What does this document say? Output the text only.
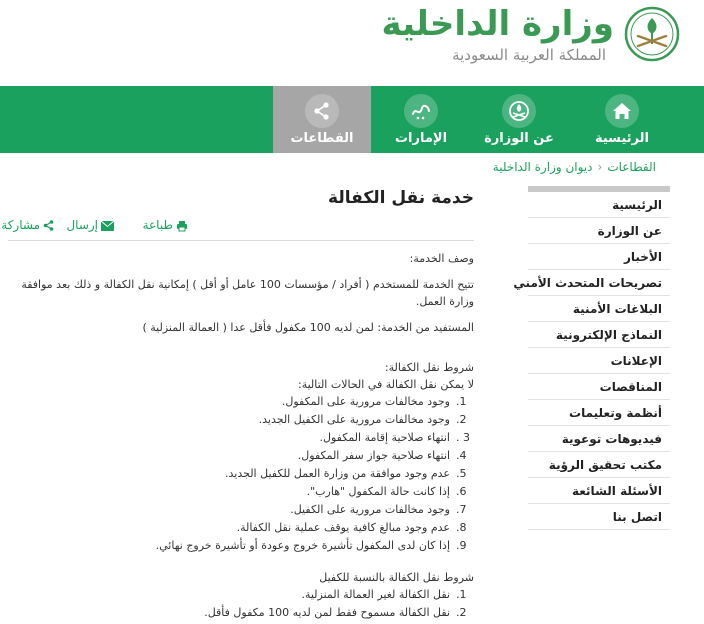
وزارة الداخلية
المملكة العربية السعودية
الرئيسية
عن الوزارة
الإمارات
القطاعات
القطاعات‹ديوان وزارة الداخلية
الرئيسية
عن الوزارة
الأخبار
تصريحات المتحدث الأمني
البلاغات الأمنية
النماذج الإلكترونية
الإعلانات
المناقصات
أنظمة وتعليمات
فيديوهات توعوية
مكتب تحقيق الرؤية
الأسئلة الشائعة
اتصل بنا
خدمة نقل الكفالة
طباعة
إرسال
مشاركة
وصف الخدمة:
تتيح الخدمة للمستخدم ( أفراد / مؤسسات 100 عامل أو أقل ) إمكانية نقل الكفالة و ذلك بعد موافقة وزارة العمل.
المستفيد من الخدمة: لمن لديه 100 مكفول فأقل عدا ( العمالة المنزلية )
شروط نقل الكفالة:
لا يمكن نقل الكفالة في الحالات التالية:
1.وجود مخالفات مرورية على المكفول.
2.وجود مخالفات مرورية على الكفيل الجديد.
3 .انتهاء صلاحية إقامة المكفول.
4.انتهاء صلاحية جواز سفر المكفول.
5.عدم وجود موافقة من وزارة العمل للكفيل الجديد.
6.إذا كانت حالة المكفول "هارب".
7.وجود مخالفات مرورية على الكفيل.
8.عدم وجود مبالغ كافية يوقف عملية نقل الكفالة.
9.إذا كان لدى المكفول تأشيرة خروج وعودة أو تأشيرة خروج نهائي.
شروط نقل الكفالة بالنسبة للكفيل
1.نقل الكفالة لغير العمالة المنزلية.
2.نقل الكفالة مسموح فقط لمن لديه 100 مكفول فأقل.
